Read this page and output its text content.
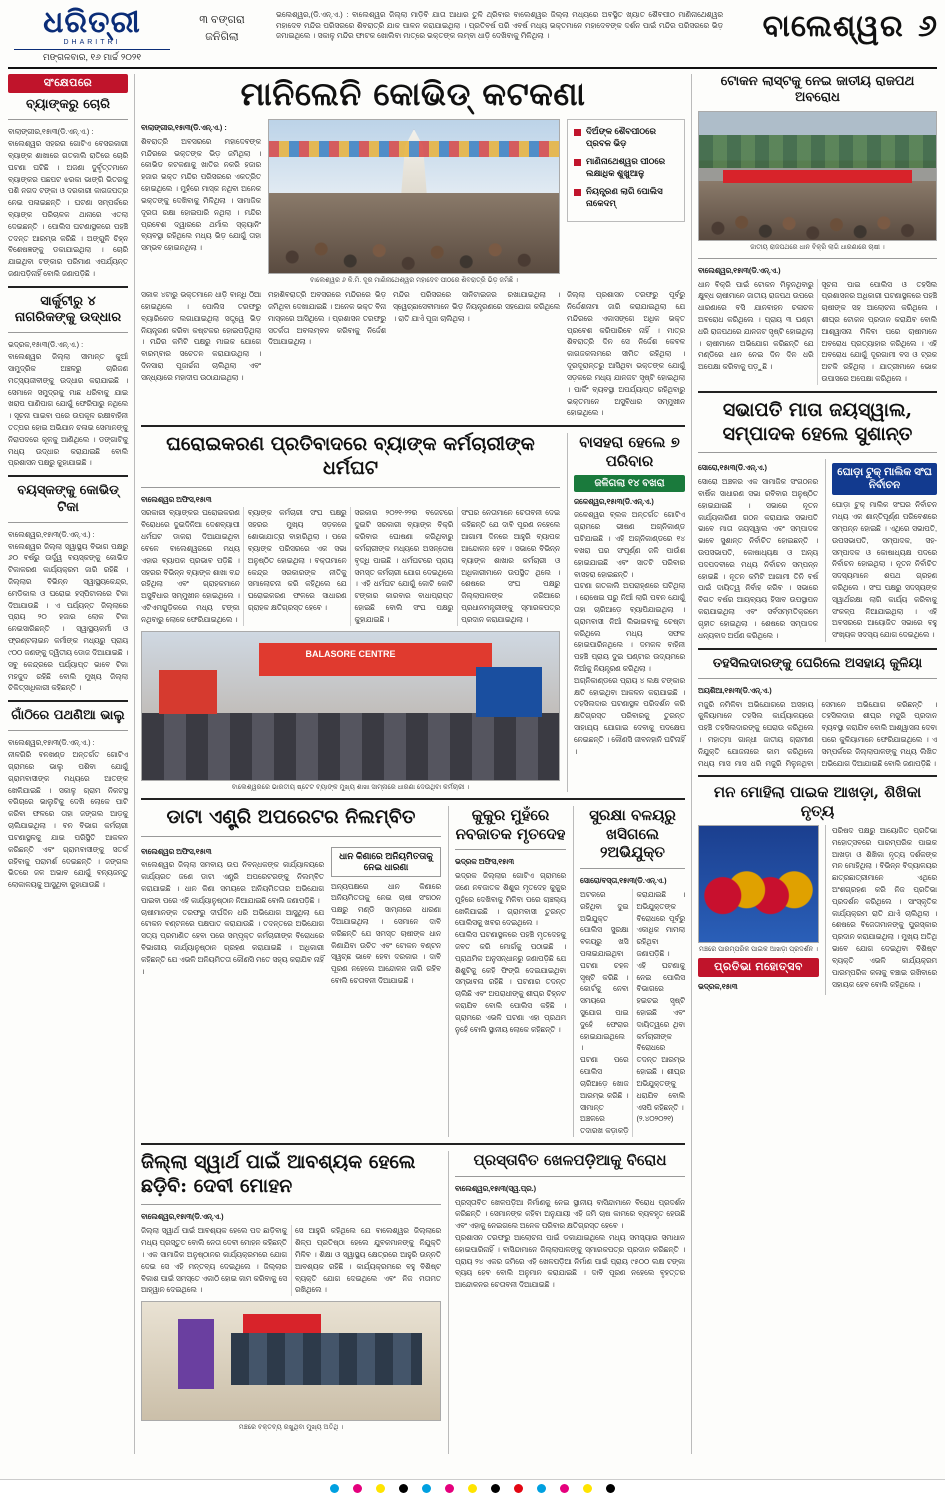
ଧରିତ୍ରୀ
DHARITRI
ମଙ୍ଗଳବାର, ୧୬ ମାର୍ଚ୍ଚ ୨୦୨୧
୩ ବଙ୍ଗରା
ଜନିଗିଲା
ଭଲେଶ୍ୱର,(ଡି.ଏନ୍.ଏ.) : ବାଲେଶ୍ୱର ଜିଲ୍ଲା ମାଡ଼ିବି ଯାତା ଆଧାର ତୁଳି ଥ୍ରିବାର ବାଲେଶ୍ୱର ଜିଲ୍ଲା ମଧ୍ୟରେ ଅବସ୍ଥିତ ଖ୍ୟାତ ଶୈବପୀଠ ମାଣିନାଥେଶ୍ୱର ମହାଦେବ ମନ୍ଦିର ପରିସରରେ ଶିବରାତ୍ରି ଯାକ ପାଳନ କରାଯାଇଥିଲା । ପ୍ରତିବର୍ଷ ପରି ଏବର୍ଷ ମଧ୍ୟ ଭକ୍ତମାନେ ମହାଦେବଙ୍କ ଦର୍ଶନ ପାଇଁ ମନ୍ଦିର ପରିସରରେ ଭିଡ଼ ଜମାଇଥିଲେ । ସକାଳୁ ମନ୍ଦିର ଫାଟକ ଖୋଲିବା ମାତ୍ରେ ଭକ୍ତଙ୍କ ଲମ୍ବା ଧାଡ଼ି ଦେଖିବାକୁ ମିଳିଥିଲା ।	ବାଲେଶ୍ୱର ୬
ସଂକ୍ଷେପରେ
ବ୍ୟାଙ୍କରୁ ଚୋରି
ବାଲାଙ୍ଗୀର,୧୫ା୩(ଡି.ଏନ୍.ଏ.) :
ବାଲେଶ୍ୱର ସହରର ଗୋଟିଏ ବେସରକାରୀ ବ୍ୟାଙ୍କ ଶାଖାରେ ଗତକାଲି ରାତିରେ ଚୋରି ଘଟଣା ଘଟିଛି । ଅଜଣା ଦୁର୍ବୃତ୍ତମାନେ ବ୍ୟାଙ୍କର ପଛପଟ ଝରକା ଭାଙ୍ଗି ଭିତରକୁ ପଶି ନଗଦ ଟଙ୍କା ଓ ଦରକାରୀ କାଗଜପତ୍ର ନେଇ ପଳାଇଛନ୍ତି । ଘଟଣା ସମ୍ପର୍କରେ ବ୍ୟାଙ୍କ ପରିଚାଳକ ଥାନାରେ ଏତଲା ଦେଇଛନ୍ତି । ପୋଲିସ ଘଟଣାସ୍ଥଳରେ ପହଞ୍ଚି ତଦନ୍ତ ଆରମ୍ଭ କରିଛି । ଅଙ୍ଗୁଳି ଚିହ୍ନ ବିଶେଷଜ୍ଞଙ୍କୁ ଡକାଯାଇଥିଲା । ଚୋରି ଯାଇଥିବା ଟଙ୍କାର ପରିମାଣ ଏପର୍ଯ୍ୟନ୍ତ ଜଣାପଡ଼ିନାହିଁ ବୋଲି ଜଣାପଡ଼ିଛି ।
ସାର୍କୁଟୀରୁ ୪ ନାଗରିକଙ୍କୁ ଉଦ୍ଧାର
ଭଦ୍ରକ,୧୫ା୩(ଡି.ଏନ୍.ଏ.) :
ବାଲେଶ୍ୱର ଜିଲ୍ଲା ସୀମାନ୍ତ କୁଆଁ ସାମୁଦ୍ରିକ ଅଞ୍ଚଳରୁ ଚାରିଜଣ ମତ୍ସ୍ୟଜୀବୀଙ୍କୁ ଉଦ୍ଧାର କରାଯାଇଛି । ସେମାନେ ସମୁଦ୍ରକୁ ମାଛ ଧରିବାକୁ ଯାଇ ଖରାପ ପାଣିପାଗ ଯୋଗୁଁ ଫେରିପାରୁ ନଥିଲେ । ସୂଚନା ପାଇବା ପରେ ଉପକୂଳ ରକ୍ଷୀବାହିନୀ ତତ୍ପର ହୋଇ ଅଭିଯାନ ଚଳାଇ ସେମାନଙ୍କୁ ନିରାପଦରେ କୂଳକୁ ଆଣିଥିଲେ । ଡଙ୍ଗାଟିକୁ ମଧ୍ୟ ଉଦ୍ଧାର କରାଯାଇଛି ବୋଲି ପ୍ରଶାସନ ପକ୍ଷରୁ କୁହାଯାଇଛି ।
ବୟସ୍କଙ୍କୁ କୋଭିଡ୍ ଟିକା
ବାଲେଶ୍ୱର,୧୫ା୩(ଡି.ଏନ୍.ଏ.) :
ବାଲେଶ୍ୱର ଜିଲ୍ଲା ସ୍ୱାସ୍ଥ୍ୟ ବିଭାଗ ପକ୍ଷରୁ ୬୦ ବର୍ଷରୁ ଊର୍ଦ୍ଧ୍ୱ ବୟସ୍କଙ୍କୁ କୋଭିଡ ଟିକାକରଣ କାର୍ଯ୍ୟକ୍ରମ ଜାରି ରହିଛି । ଜିଲ୍ଲାର ବିଭିନ୍ନ ସ୍ୱାସ୍ଥ୍ୟକେନ୍ଦ୍ର, ମେଡିକାଲ ଓ ଘରୋଇ ହସ୍ପିଟାଲରେ ଟିକା ଦିଆଯାଉଛି । ଏ ପର୍ଯ୍ୟନ୍ତ ଜିଲ୍ଲାରେ ପ୍ରାୟ ୨୦ ହଜାର ଲୋକ ଟିକା ନେଇସାରିଛନ୍ତି । ସ୍ୱାସ୍ଥ୍ୟକର୍ମୀ ଓ ଫ୍ରଣ୍ଟଲାଇନ କର୍ମୀଙ୍କ ମଧ୍ୟରୁ ପ୍ରାୟ ୯୦୦ ଜଣଙ୍କୁ ଦ୍ୱିତୀୟ ଡୋଜ ଦିଆଯାଇଛି । ସବୁ କେନ୍ଦ୍ରରେ ପର୍ଯ୍ୟାପ୍ତ ଭାବେ ଟିକା ମହଜୁଦ ରହିଛି ବୋଲି ମୁଖ୍ୟ ଜିଲ୍ଲା ଚିକିତ୍ସାଧିକାରୀ କହିଛନ୍ତି ।
ଗାଁଠିରେ ପଥଣିଆ ଭାଲୁ
ବାଲେଶ୍ୱର,୧୫ା୩(ଡି.ଏନ୍.ଏ.) :
ନୀଳଗିରି ବନଖଣ୍ଡ ଅନ୍ତର୍ଗତ ଗୋଟିଏ ଗ୍ରାମରେ ଭାଲୁ ପଶିବା ଯୋଗୁଁ ଗ୍ରାମବାସୀଙ୍କ ମଧ୍ୟରେ ଆତଙ୍କ ଖେଳିଯାଇଛି । ସକାଳୁ ଗ୍ରାମ ନିକଟସ୍ଥ ବଗିଚାରେ ଭାଲୁଟିକୁ ଦେଖି ଲୋକେ ପାଟି କରିବା ଫଳରେ ତାହା ଜଙ୍ଗଲ ଆଡ଼କୁ ଚାଲିଯାଇଥିଲା । ବନ ବିଭାଗ କର୍ମଚାରୀ ଘଟଣାସ୍ଥଳକୁ ଯାଇ ପରିସ୍ଥିତି ଆକଳନ କରିଛନ୍ତି ଏବଂ ଗ୍ରାମବାସୀଙ୍କୁ ସତର୍କ ରହିବାକୁ ପରାମର୍ଶ ଦେଇଛନ୍ତି । ଜଙ୍ଗଲ ଭିତରେ ଜଳ ଅଭାବ ଯୋଗୁଁ ବନ୍ୟଜନ୍ତୁ ଲୋକାଳୟକୁ ଆସୁଥିବା କୁହାଯାଉଛି ।
ମାନିଲେନି କୋଭିଡ୍ କଟକଣା
ବାଲାଙ୍ଗୀର,୧୫ା୩(ଡି.ଏନ୍.ଏ.) :
ଶିବରାତ୍ରି ଅବସରରେ ମହାଦେବଙ୍କ ମନ୍ଦିରରେ ଭକ୍ତଙ୍କ ଭିଡ଼ ଜମିଥିଲା । କୋଭିଡ କଟକଣାକୁ ଖାତିର ନକରି ହଜାର ହଜାର ଭକ୍ତ ମନ୍ଦିର ପରିସରରେ ଏକତ୍ରିତ ହୋଇଥିଲେ । ମୁହଁରେ ମାସ୍କ ନଥିବା ଅନେକ ଭକ୍ତଙ୍କୁ ଦେଖିବାକୁ ମିଳିଥିଲା । ସାମାଜିକ ଦୂରତା ରକ୍ଷା ହୋଇପାରି ନଥିଲା । ମନ୍ଦିର ପ୍ରବେଶ ଦ୍ୱାରରେ ଥର୍ମାଲ ସ୍କ୍ୟାନିଂ ବ୍ୟବସ୍ଥା ରହିଥିଲେ ମଧ୍ୟ ଭିଡ଼ ଯୋଗୁଁ ତାହା ସମ୍ଭବ ହୋଇନଥିଲା ।
ବାଲେଶ୍ୱର ୬ କି.ମି. ଦୂର ମାଣିନାଥେଶ୍ୱର ମହାଦେବ ପୀଠରେ ଶିବରାତ୍ରି ଭିଡ଼ ଜମିଛି ।
ଦିଅଁଙ୍କ ଶୈବପୀଠରେ ପ୍ରବଳ ଭିଡ଼
ମାଣିନାଥେଶ୍ୱର ପୀଠରେ ଲକ୍ଷାଧିକ ଶୁଖୁଆଳୁ
ନିୟନ୍ତ୍ରଣ ଲାଗି ପୋଲିସ ନାକେଦମ୍
ସକାଳ ୪ଟାରୁ ଭକ୍ତମାନେ ଧାଡ଼ି ବାନ୍ଧି ଠିଆ ହୋଇଥିଲେ । ପୋଲିସ ତରଫରୁ ବ୍ୟାରିକେଡ ଲଗାଯାଇଥିଲା ସତ୍ତ୍ୱେ ଭିଡ଼ ନିୟନ୍ତ୍ରଣ କରିବା କଷ୍ଟକର ହୋଇପଡ଼ିଥିଲା । ମନ୍ଦିର କମିଟି ପକ୍ଷରୁ ମାଇକ ଯୋଗେ ବାରମ୍ବାର ସଚେତନ କରାଯାଉଥିଲା । ଦିନସାରା ପୂଜାର୍ଚ୍ଚନା ଚାଲିଥିଲା ଏବଂ ସନ୍ଧ୍ୟାରେ ମହାଦୀପ ଉଠାଯାଇଥିଲା ।
ମହାଶିବରାତ୍ରି ଅବସରରେ ମନ୍ଦିରରେ ଭିଡ଼ ଜମିଥିବା ଦେଖାଯାଇଛି । ଅନେକ ଭକ୍ତ ବିନା ମାସ୍କରେ ଆସିଥିଲେ । ପ୍ରଶାସନ ତରଫରୁ ସତର୍କତା ଅବଲମ୍ବନ କରିବାକୁ ନିର୍ଦ୍ଦେଶ ଦିଆଯାଇଥିଲା ।
ମନ୍ଦିର ପରିସରରେ ସାନିଟାଇଜର ରଖାଯାଇଥିଲା । ସ୍ୱେଚ୍ଛାସେବୀମାନେ ଭିଡ଼ ନିୟନ୍ତ୍ରଣରେ ସହଯୋଗ କରିଥିଲେ । ରାତି ଯାଏଁ ପୂଜା ଚାଲିଥିଲା ।
ଜିଲ୍ଲା ପ୍ରଶାସନ ତରଫରୁ ପୂର୍ବରୁ ନିର୍ଦ୍ଦେଶନାମା ଜାରି କରାଯାଇଥିଲା ଯେ ମନ୍ଦିରରେ ଏକାସଙ୍ଗେ ଅଧିକ ଭକ୍ତ ପ୍ରବେଶ କରିପାରିବେ ନାହିଁ । ମାତ୍ର ଶିବରାତ୍ରି ଦିନ ସେ ନିର୍ଦ୍ଦେଶ କେବଳ କାଗଜକଲମରେ ସୀମିତ ରହିଥିଲା । ଦୂରଦୂରାନ୍ତରୁ ଆସିଥିବା ଭକ୍ତଙ୍କ ଯୋଗୁଁ ସଡ଼କରେ ମଧ୍ୟ ଯାନଜଟ ସୃଷ୍ଟି ହୋଇଥିଲା । ପାର୍କିଂ ବ୍ୟବସ୍ଥା ଅପର୍ଯ୍ୟାପ୍ତ ରହିଥିବାରୁ ଭକ୍ତମାନେ ଅସୁବିଧାର ସମ୍ମୁଖୀନ ହୋଇଥିଲେ ।
ଘରୋଇକରଣ ପ୍ରତିବାଦରେ ବ୍ୟାଙ୍କ କର୍ମଚାରୀଙ୍କ ଧର୍ମଘଟ
ବାଲେଶ୍ୱର ଅଫିସ,୧୫ା୩
ସରକାରୀ ବ୍ୟାଙ୍କର ଘରୋଇକରଣ ବିରୋଧରେ ଦୁଇଦିନିଆ ଦେଶବ୍ୟାପୀ ଧର୍ମଘଟ ଡାକରା ଦିଆଯାଇଥିବା ବେଳେ ବାଲେଶ୍ୱରରେ ମଧ୍ୟ ଏହାର ବ୍ୟାପକ ପ୍ରଭାବ ପଡ଼ିଛି । ସହରର ବିଭିନ୍ନ ବ୍ୟାଙ୍କ ଶାଖା ବନ୍ଦ ରହିଥିଲା ଏବଂ ଗ୍ରାହକମାନେ ଅସୁବିଧାର ସମ୍ମୁଖୀନ ହୋଇଥିଲେ । ଏଟିଏମଗୁଡ଼ିକରେ ମଧ୍ୟ ଟଙ୍କା ନଥିବାରୁ ଲୋକେ ଫେରିଯାଇଥିଲେ ।
ବ୍ୟାଙ୍କ କର୍ମଚାରୀ ସଂଘ ପକ୍ଷରୁ ସହରର ମୁଖ୍ୟ ସଡ଼କରେ ଶୋଭାଯାତ୍ରା ବାହାରିଥିଲା । ପରେ ବ୍ୟାଙ୍କ ପରିସରରେ ଏକ ସଭା ଅନୁଷ୍ଠିତ ହୋଇଥିଲା । ବକ୍ତାମାନେ କେନ୍ଦ୍ର ସରକାରଙ୍କ ନୀତିକୁ ସମାଲୋଚନା କରି କହିଥିଲେ ଯେ ଘରୋଇକରଣ ଫଳରେ ସାଧାରଣ ଗ୍ରାହକ କ୍ଷତିଗ୍ରସ୍ତ ହେବେ ।
ସରକାର ୨୦୨୧-୨୨ର ବଜେଟରେ ଦୁଇଟି ସରକାରୀ ବ୍ୟାଙ୍କ ବିକ୍ରି କରିବାର ଘୋଷଣା କରିଥିବାରୁ କର୍ମଚାରୀଙ୍କ ମଧ୍ୟରେ ଅସନ୍ତୋଷ ବୃଦ୍ଧି ପାଇଛି । ଧର୍ମଘଟରେ ପ୍ରାୟ ସମସ୍ତ କର୍ମଚାରୀ ଯୋଗ ଦେଇଥିଲେ । ଏହି ଧର୍ମଘଟ ଯୋଗୁଁ କୋଟି କୋଟି ଟଙ୍କାର କାରବାର ବାଧାପ୍ରାପ୍ତ ହୋଇଛି ବୋଲି ସଂଘ ପକ୍ଷରୁ କୁହାଯାଇଛି ।
ସଂଘର ନେତାମାନେ ଚେତାବନୀ ଦେଇ କହିଛନ୍ତି ଯେ ଦାବି ପୂରଣ ନହେଲେ ଆଗାମୀ ଦିନରେ ଆହୁରି ବ୍ୟାପକ ଆନ୍ଦୋଳନ ହେବ । ସଭାରେ ବିଭିନ୍ନ ବ୍ୟାଙ୍କ ଶାଖାର କର୍ମଚାରୀ ଓ ଅଧିକାରୀମାନେ ଉପସ୍ଥିତ ଥିଲେ । ଶେଷରେ ସଂଘ ପକ୍ଷରୁ ଜିଲ୍ଲାପାଳଙ୍କ ଜରିଆରେ ପ୍ରଧାନମନ୍ତ୍ରୀଙ୍କୁ ସ୍ମାରକପତ୍ର ପ୍ରଦାନ କରାଯାଇଥିଲା ।
BALASORE CENTRE
ବାଲେଶ୍ୱରରେ ଭାରତୀୟ ଷ୍ଟେଟ ବ୍ୟାଙ୍କ ମୁଖ୍ୟ ଶାଖା ସାମ୍ନାରେ ଧାରଣା ଦେଉଥିବା କର୍ମଚାରୀ ।
ବାସହରା ହେଲେ ୭ ପରିବାର
ଜଳିଗଲା ୧୪ ବଖରା
ଜଳେଶ୍ୱର,୧୫ା୩(ଡି.ଏନ୍.ଏ.)
ଜଳେଶ୍ୱର ବ୍ଲକ ଅନ୍ତର୍ଗତ ଗୋଟିଏ ଗ୍ରାମରେ ଭୀଷଣ ଅଗ୍ନିକାଣ୍ଡ ଘଟିଯାଇଛି । ଏହି ଅଗ୍ନିକାଣ୍ଡରେ ୧୪ ବଖରା ଘର ସଂପୂର୍ଣ୍ଣ ଜଳି ପାଉଁଶ ହୋଇଯାଇଛି ଏବଂ ସାତଟି ପରିବାର ବାସହରା ହୋଇଛନ୍ତି ।
ଘଟଣା ଗତକାଲି ଅପରାହ୍ଣରେ ଘଟିଥିଲା । ରୋଷେଇ ଘରୁ ନିଆଁ ଲାଗି ପବନ ଯୋଗୁଁ ତାହା ଚାରିଆଡ଼େ ବ୍ୟାପିଯାଇଥିଲା । ଗ୍ରାମବାସୀ ନିଆଁ ଲିଭାଇବାକୁ ଚେଷ୍ଟା କରିଥିଲେ ମଧ୍ୟ ସଫଳ ହୋଇପାରିନଥିଲେ । ଦମକଳ ବାହିନୀ ପହଞ୍ଚି ପ୍ରାୟ ଦୁଇ ଘଣ୍ଟାର ଉଦ୍ୟମରେ ନିଆଁକୁ ନିୟନ୍ତ୍ରଣ କରିଥିଲା ।
ଅଗ୍ନିକାଣ୍ଡରେ ପ୍ରାୟ ୪ ଲକ୍ଷ ଟଙ୍କାର କ୍ଷତି ହୋଇଥିବା ଆକଳନ କରାଯାଇଛି । ତହସିଲଦାର ଘଟଣାସ୍ଥଳ ପରିଦର୍ଶନ କରି କ୍ଷତିଗ୍ରସ୍ତ ପରିବାରକୁ ତୁରନ୍ତ ସାହାଯ୍ୟ ଯୋଗାଇ ଦେବାକୁ ପଦକ୍ଷେପ ନେଇଛନ୍ତି । କୌଣସି ଜୀବନହାନି ଘଟିନାହିଁ ।
ଡାଟା ଏଣ୍ଟ୍ରି ଅପରେଟର ନିଲମ୍ବିତ
ବାଲେଶ୍ୱର ଅଫିସ,୧୫ା୩
ବାଲେଶ୍ୱର ଜିଲ୍ଲା ସମବାୟ ଉପ ନିବନ୍ଧକଙ୍କ କାର୍ଯ୍ୟାଳୟରେ କାର୍ଯ୍ୟରତ ଜଣେ ଡାଟା ଏଣ୍ଟ୍ରି ଅପରେଟରଙ୍କୁ ନିଲମ୍ବିତ କରାଯାଇଛି । ଧାନ କିଣା ସମୟରେ ଅନିୟମିତତାର ଅଭିଯୋଗ ପାଇବା ପରେ ଏହି କାର୍ଯ୍ୟାନୁଷ୍ଠାନ ନିଆଯାଇଛି ବୋଲି ଜଣାପଡ଼ିଛି ।
ଚାଷୀମାନଙ୍କ ତରଫରୁ ଦୀର୍ଘଦିନ ଧରି ଅଭିଯୋଗ ଆସୁଥିଲା ଯେ ଟୋକନ ବଣ୍ଟନରେ ପକ୍ଷପାତ କରାଯାଉଛି । ତଦନ୍ତରେ ଅଭିଯୋଗ ସତ୍ୟ ପ୍ରମାଣିତ ହେବା ପରେ ସମ୍ପୃକ୍ତ କର୍ମଚାରୀଙ୍କ ବିରୋଧରେ ବିଭାଗୀୟ କାର୍ଯ୍ୟାନୁଷ୍ଠାନ ଗ୍ରହଣ କରାଯାଇଛି । ଅଧିକାରୀ କହିଛନ୍ତି ଯେ ଏଭଳି ଅନିୟମିତତା କୌଣସି ମତେ ସହ୍ୟ କରାଯିବ ନାହିଁ ।
ଧାନ କିଣାରେ ଅନିୟମିତତାକୁ ନେଇ ଧାରଣା
ଅନ୍ୟପକ୍ଷରେ ଧାନ କିଣାରେ ଅନିୟମିତତାକୁ ନେଇ ଚାଷୀ ସଂଗଠନ ପକ୍ଷରୁ ମଣ୍ଡି ସାମ୍ନାରେ ଧାରଣା ଦିଆଯାଇଥିଲା । ସେମାନେ ଦାବି କରିଛନ୍ତି ଯେ ସମସ୍ତ ଚାଷୀଙ୍କ ଧାନ କିଣାଯିବା ଉଚିତ ଏବଂ ଟୋକନ ବଣ୍ଟନ ସ୍ୱଚ୍ଛ ଭାବେ ହେବା ଦରକାର । ଦାବି ପୂରଣ ନହେଲେ ଆନ୍ଦୋଳନ ଜାରି ରହିବ ବୋଲି ଚେତାବନୀ ଦିଆଯାଇଛି ।
କୁକୁର ମୁହଁରେ ନବଜାତକ ମୃତଦେହ
ଭଦ୍ରକ ଅଫିସ,୧୫ା୩
ଭଦ୍ରକ ଜିଲ୍ଲାର ଗୋଟିଏ ଗ୍ରାମରେ ଜଣେ ନବଜାତକ ଶିଶୁର ମୃତଦେହ କୁକୁର ମୁହଁରେ ଦେଖିବାକୁ ମିଳିବା ପରେ ଚାଞ୍ଚଲ୍ୟ ଖେଳିଯାଇଛି । ଗ୍ରାମବାସୀ ତୁରନ୍ତ ପୋଲିସକୁ ଖବର ଦେଇଥିଲେ ।
ପୋଲିସ ଘଟଣାସ୍ଥଳରେ ପହଞ୍ଚି ମୃତଦେହକୁ ଜବତ କରି ମୋର୍ଗକୁ ପଠାଇଛି । ପ୍ରାଥମିକ ଅନୁସନ୍ଧାନରୁ ଜଣାପଡ଼ିଛି ଯେ ଶିଶୁଟିକୁ କେହି ଫିଙ୍ଗି ଦେଇଯାଇଥିବା ସମ୍ଭାବନା ରହିଛି । ଘଟଣାର ତଦନ୍ତ ଚାଲିଛି ଏବଂ ଅପରାଧୀଙ୍କୁ ଶୀଘ୍ର ଚିହ୍ନଟ କରାଯିବ ବୋଲି ପୋଲିସ କହିଛି । ଗ୍ରାମରେ ଏଭଳି ଘଟଣା ଏହା ପ୍ରଥମ ନୁହେଁ ବୋଲି ସ୍ଥାନୀୟ ଲୋକେ କହିଛନ୍ତି ।
ସୁରକ୍ଷା ବଳୟରୁ ଖସିଗଲେ ୨ଅଭିଯୁକ୍ତ
ସୋରୋ/ବସ୍ତା,୧୫ା୩(ଡି.ଏନ୍.ଏ.)
ଅଟକରେ ରହିଥିବା ଦୁଇ ଅଭିଯୁକ୍ତ ପୋଲିସ ସୁରକ୍ଷା ବଳୟରୁ ଖସି ପଳାଇଯାଇଥିବା ଘଟଣା ଚହଳ ସୃଷ୍ଟି କରିଛି । କୋର୍ଟକୁ ନେବା ସମୟରେ ସୁଯୋଗ ପାଇ ଦୁହେଁ ଫେରାର ହୋଇଯାଇଥିଲେ ।
ଘଟଣା ପରେ ପୋଲିସ ଚାରିଆଡ଼େ ଖୋଜ ଆରମ୍ଭ କରିଛି । ସୀମାନ୍ତ ଅଞ୍ଚଳରେ ତଦାରଖ କଡ଼ାକଡ଼ି କରାଯାଇଛି । ଅଭିଯୁକ୍ତଙ୍କ ବିରୋଧରେ ପୂର୍ବରୁ ଏକାଧିକ ମାମଲା ରହିଥିବା ଜଣାପଡ଼ିଛି ।
ଏହି ଘଟଣାକୁ ନେଇ ପୋଲିସ ବିଭାଗରେ ହଇଚଇ ସୃଷ୍ଟି ହୋଇଛି ଏବଂ ଦାୟିତ୍ୱରେ ଥିବା କର୍ମଚାରୀଙ୍କ ବିରୋଧରେ ତଦନ୍ତ ଆରମ୍ଭ ହୋଇଛି । ଶୀଘ୍ର ଅଭିଯୁକ୍ତଙ୍କୁ ଧରାଯିବ ବୋଲି ଏସପି କହିଛନ୍ତି ।
(୨.୪୦୨୦୨୧)
ଜିଲ୍ଲା ସ୍ୱାର୍ଥ ପାଇଁ ଆବଶ୍ୟକ ହେଲେ ଛଡ଼ିବି: ଦେବୀ ମୋହନ
ବାଲେଶ୍ୱର,୧୫ା୩(ଡି.ଏନ୍.ଏ.)
ଜିଲ୍ଲା ସ୍ୱାର୍ଥ ପାଇଁ ଆବଶ୍ୟକ ହେଲେ ପଦ ଛାଡ଼ିବାକୁ ମଧ୍ୟ ପ୍ରସ୍ତୁତ ବୋଲି ନେତା ଦେବୀ ମୋହନ କହିଛନ୍ତି । ଏକ ସାମାଜିକ ଅନୁଷ୍ଠାନର କାର୍ଯ୍ୟକ୍ରମରେ ଯୋଗ ଦେଇ ସେ ଏହି ମନ୍ତବ୍ୟ ଦେଇଥିଲେ । ଜିଲ୍ଲାର ବିକାଶ ପାଇଁ ସମସ୍ତେ ଏକାଠି ହୋଇ କାମ କରିବାକୁ ସେ ଆହ୍ୱାନ ଦେଇଥିଲେ ।
ସେ ଆହୁରି କହିଥିଲେ ଯେ ବାଲେଶ୍ୱର ଜିଲ୍ଲାରେ ଶିଳ୍ପ ପ୍ରତିଷ୍ଠା ହେଲେ ଯୁବକମାନଙ୍କୁ ନିଯୁକ୍ତି ମିଳିବ । ଶିକ୍ଷା ଓ ସ୍ୱାସ୍ଥ୍ୟ କ୍ଷେତ୍ରରେ ଆହୁରି ଉନ୍ନତି ଆବଶ୍ୟକ ରହିଛି । କାର୍ଯ୍ୟକ୍ରମରେ ବହୁ ବିଶିଷ୍ଟ ବ୍ୟକ୍ତି ଯୋଗ ଦେଇଥିଲେ ଏବଂ ନିଜ ମତାମତ ରଖିଥିଲେ ।
ମଞ୍ଚରେ ବକ୍ତବ୍ୟ ରଖୁଥିବା ମୁଖ୍ୟ ଅତିଥି ।
ପ୍ରସ୍ତାବିତ ଖେଳପଡ଼ିଆକୁ ବିରୋଧ
ବାଲେଶ୍ୱର,୧୫ା୩(ସ୍ୱ.ପ୍ର.)
ପ୍ରସ୍ତାବିତ ଖେଳପଡ଼ିଆ ନିର୍ମାଣକୁ ନେଇ ସ୍ଥାନୀୟ ବାସିନ୍ଦାମାନେ ବିରୋଧ ପ୍ରଦର୍ଶନ କରିଛନ୍ତି । ସେମାନଙ୍କ କହିବା ଅନୁଯାୟୀ ଏହି ଜମି ଚାଷ କାମରେ ବ୍ୟବହୃତ ହେଉଛି ଏବଂ ଏହାକୁ ନେଇଗଲେ ଅନେକ ପରିବାର କ୍ଷତିଗ୍ରସ୍ତ ହେବେ ।
ପ୍ରଶାସନ ତରଫରୁ ଆଲୋଚନା ପାଇଁ ଡକାଯାଇଥିଲେ ମଧ୍ୟ ସମସ୍ୟାର ସମାଧାନ ହୋଇପାରିନାହିଁ । ବାସିନ୍ଦାମାନେ ଜିଲ୍ଲାପାଳଙ୍କୁ ସ୍ମାରକପତ୍ର ପ୍ରଦାନ କରିଛନ୍ତି । ପ୍ରାୟ ୨୪ ଏକର ଜମିରେ ଏହି ଖେଳପଡ଼ିଆ ନିର୍ମାଣ ପାଇଁ ପ୍ରାୟ ୯୫୦୦ ଲକ୍ଷ ଟଙ୍କା ବ୍ୟୟ ହେବ ବୋଲି ଅନୁମାନ କରାଯାଇଛି । ଦାବି ପୂରଣ ନହେଲେ ବୃହତ୍ତର ଆନ୍ଦୋଳନର ଚେତାବନୀ ଦିଆଯାଇଛି ।
ଟୋକନ ଲାସ୍ଟକୁ ନେଇ ଜାତୀୟ ରାଜପଥ ଅବରୋଧ
ଜାତୀୟ ରାଜପଥରେ ଧାନ ବିକ୍ରି ଲାଗି ଧାରଣାରେ ଚାଷୀ ।
ବାଲେଶ୍ୱର,୧୫ା୩(ଡି.ଏନ୍.ଏ.)
ଧାନ ବିକ୍ରି ପାଇଁ ଟୋକନ ମିଳୁନଥିବାରୁ କ୍ଷୁବ୍ଧ ଚାଷୀମାନେ ଜାତୀୟ ରାଜପଥ ଉପରେ ଧାରଣାରେ ବସି ଯାନବାହନ ଚଳାଚଳ ଅବରୋଧ କରିଥିଲେ । ପ୍ରାୟ ୩ ଘଣ୍ଟା ଧରି ରାଜପଥରେ ଯାନଜଟ ସୃଷ୍ଟି ହୋଇଥିଲା । ଚାଷୀମାନେ ଅଭିଯୋଗ କରିଛନ୍ତି ଯେ ମଣ୍ଡିରେ ଧାନ ନେଇ ଦିନ ଦିନ ଧରି ଅପେକ୍ଷା କରିବାକୁ ପଡ଼ୁଛି ।
ସୂଚନା ପାଇ ପୋଲିସ ଓ ତହସିଲ ପ୍ରଶାସନର ଅଧିକାରୀ ଘଟଣାସ୍ଥଳରେ ପହଞ୍ଚି ଚାଷୀଙ୍କ ସହ ଆଲୋଚନା କରିଥିଲେ । ଶୀଘ୍ର ଟୋକନ ପ୍ରଦାନ କରାଯିବ ବୋଲି ଆଶ୍ୱାସନା ମିଳିବା ପରେ ଚାଷୀମାନେ ଅବରୋଧ ପ୍ରତ୍ୟାହାର କରିଥିଲେ । ଏହି ଅବରୋଧ ଯୋଗୁଁ ଦୂରଗାମୀ ବସ ଓ ଟ୍ରକ ଅଟକି ରହିଥିଲା । ଯାତ୍ରୀମାନେ ଭୋକ ଉପାସରେ ଅପେକ୍ଷା କରିଥିଲେ ।
ସଭାପତି ମାତା ଜୟସ୍ୱାଲ, ସମ୍ପାଦକ ହେଲେ ସୁଶାନ୍ତ
ସୋରୋ,୧୫ା୩(ଡି.ଏନ୍.ଏ.)
ସୋରୋ ଅଞ୍ଚଳର ଏକ ସାମାଜିକ ସଂଗଠନର ବାର୍ଷିକ ସାଧାରଣ ସଭା ରବିବାର ଅନୁଷ୍ଠିତ ହୋଇଯାଇଛି । ସଭାରେ ନୂତନ କାର୍ଯ୍ୟକାରିଣୀ ଗଠନ କରାଯାଇ ସଭାପତି ଭାବେ ମାତା ଜୟସ୍ୱାଲ ଏବଂ ସମ୍ପାଦକ ଭାବେ ସୁଶାନ୍ତ ନିର୍ବାଚିତ ହୋଇଛନ୍ତି । ଉପସଭାପତି, କୋଷାଧ୍ୟକ୍ଷ ଓ ଅନ୍ୟ ପଦପଦବୀରେ ମଧ୍ୟ ନିର୍ବାଚନ ସମ୍ପନ୍ନ ହୋଇଛି । ନୂତନ କମିଟି ଆଗାମୀ ତିନି ବର୍ଷ ପାଇଁ ଦାୟିତ୍ୱ ନିର୍ବାହ କରିବ । ସଭାରେ ବିଗତ ବର୍ଷର ଆୟବ୍ୟୟ ହିସାବ ଉପସ୍ଥାପନ କରାଯାଇଥିଲା ଏବଂ ସର୍ବସମ୍ମତିକ୍ରମେ ଗୃହୀତ ହୋଇଥିଲା । ଶେଷରେ ସମ୍ପାଦକ ଧନ୍ୟବାଦ ଅର୍ପଣ କରିଥିଲେ ।
ଘୋଡ଼ା ଟୁକ୍ ମାଲିକ ସଂଘ ନିର୍ବାଚନ
ଘୋଡ଼ା ଟୁକ୍ ମାଲିକ ସଂଘର ନିର୍ବାଚନ ମଧ୍ୟ ଏକ ଶାନ୍ତିପୂର୍ଣ୍ଣ ପରିବେଶରେ ସମ୍ପନ୍ନ ହୋଇଛି । ଏଥିରେ ସଭାପତି, ଉପସଭାପତି, ସମ୍ପାଦକ, ସହ-ସମ୍ପାଦକ ଓ କୋଷାଧ୍ୟକ୍ଷ ପଦରେ ନିର୍ବାଚନ ହୋଇଥିଲା । ନୂତନ ନିର୍ବାଚିତ ସଦସ୍ୟମାନେ ଶପଥ ଗ୍ରହଣ କରିଥିଲେ । ସଂଘ ପକ୍ଷରୁ ସଦସ୍ୟଙ୍କ ସ୍ୱାର୍ଥରକ୍ଷା ଲାଗି କାର୍ଯ୍ୟ କରିବାକୁ ସଂକଳ୍ପ ନିଆଯାଇଥିଲା । ଏହି ଅବସରରେ ଆୟୋଜିତ ସଭାରେ ବହୁ ସଂଖ୍ୟକ ସଦସ୍ୟ ଯୋଗ ଦେଇଥିଲେ ।
ତହସିଲଦାରଙ୍କୁ ଘେରିଲେ ଅସହାୟ କୁଳିୟା
ଅୟଶିଆ,୧୫ା୩(ଡି.ଏନ୍.ଏ.)
ମଜୁରି ନମିଳିବା ଅଭିଯୋଗରେ ଅସହାୟ କୁଳିୟାମାନେ ତହସିଲ କାର୍ଯ୍ୟାଳୟରେ ପହଞ୍ଚି ତହସିଲଦାରଙ୍କୁ ଘେରାଉ କରିଥିଲେ । ମହାତ୍ମା ଗାନ୍ଧୀ ଜାତୀୟ ଗ୍ରାମୀଣ ନିଯୁକ୍ତି ଯୋଜନାରେ କାମ କରିଥିଲେ ମଧ୍ୟ ମାସ ମାସ ଧରି ମଜୁରି ମିଳୁନଥିବା ସେମାନେ ଅଭିଯୋଗ କରିଛନ୍ତି । ତହସିଲଦାର ଶୀଘ୍ର ମଜୁରି ପ୍ରଦାନ ବ୍ୟବସ୍ଥା କରାଯିବ ବୋଲି ଆଶ୍ୱାସନା ଦେବା ପରେ କୁଳିୟାମାନେ ଫେରିଯାଇଥିଲେ । ଏ ସମ୍ପର୍କରେ ଜିଲ୍ଲାପାଳଙ୍କୁ ମଧ୍ୟ ଲିଖିତ ଅଭିଯୋଗ ଦିଆଯାଇଛି ବୋଲି ଜଣାପଡ଼ିଛି ।
ମନ ମୋହିଲା ପାଇକ ଆଖଡ଼ା, ଶିଖିକା ନୃତ୍ୟ
ମଞ୍ଚରେ ପାରମ୍ପରିକ ପାଇକ ଆଖଡ଼ା ପ୍ରଦର୍ଶନ ।
ପ୍ରତିଭା ମହୋତ୍ସବ
ଭଦ୍ରକ,୧୫ା୩
ପରିଷଦ ପକ୍ଷରୁ ଆୟୋଜିତ ପ୍ରତିଭା ମହୋତ୍ସବରେ ପାରମ୍ପରିକ ପାଇକ ଆଖଡ଼ା ଓ ଶିଖିକା ନୃତ୍ୟ ଦର୍ଶକଙ୍କ ମନ ମୋହିଥିଲା । ବିଭିନ୍ନ ବିଦ୍ୟାଳୟର ଛାତ୍ରଛାତ୍ରୀମାନେ ଏଥିରେ ଅଂଶଗ୍ରହଣ କରି ନିଜ ପ୍ରତିଭା ପ୍ରଦର୍ଶନ କରିଥିଲେ । ସାଂସ୍କୃତିକ କାର୍ଯ୍ୟକ୍ରମ ରାତି ଯାଏଁ ଚାଲିଥିଲା । ଶେଷରେ ବିଜେତାମାନଙ୍କୁ ପୁରସ୍କାର ପ୍ରଦାନ କରାଯାଇଥିଲା । ମୁଖ୍ୟ ଅତିଥି ଭାବେ ଯୋଗ ଦେଇଥିବା ବିଶିଷ୍ଟ ବ୍ୟକ୍ତି ଏଭଳି କାର୍ଯ୍ୟକ୍ରମ ପାରମ୍ପରିକ କଳାକୁ ବଞ୍ଚାଇ ରଖିବାରେ ସହାୟକ ହେବ ବୋଲି କହିଥିଲେ ।
